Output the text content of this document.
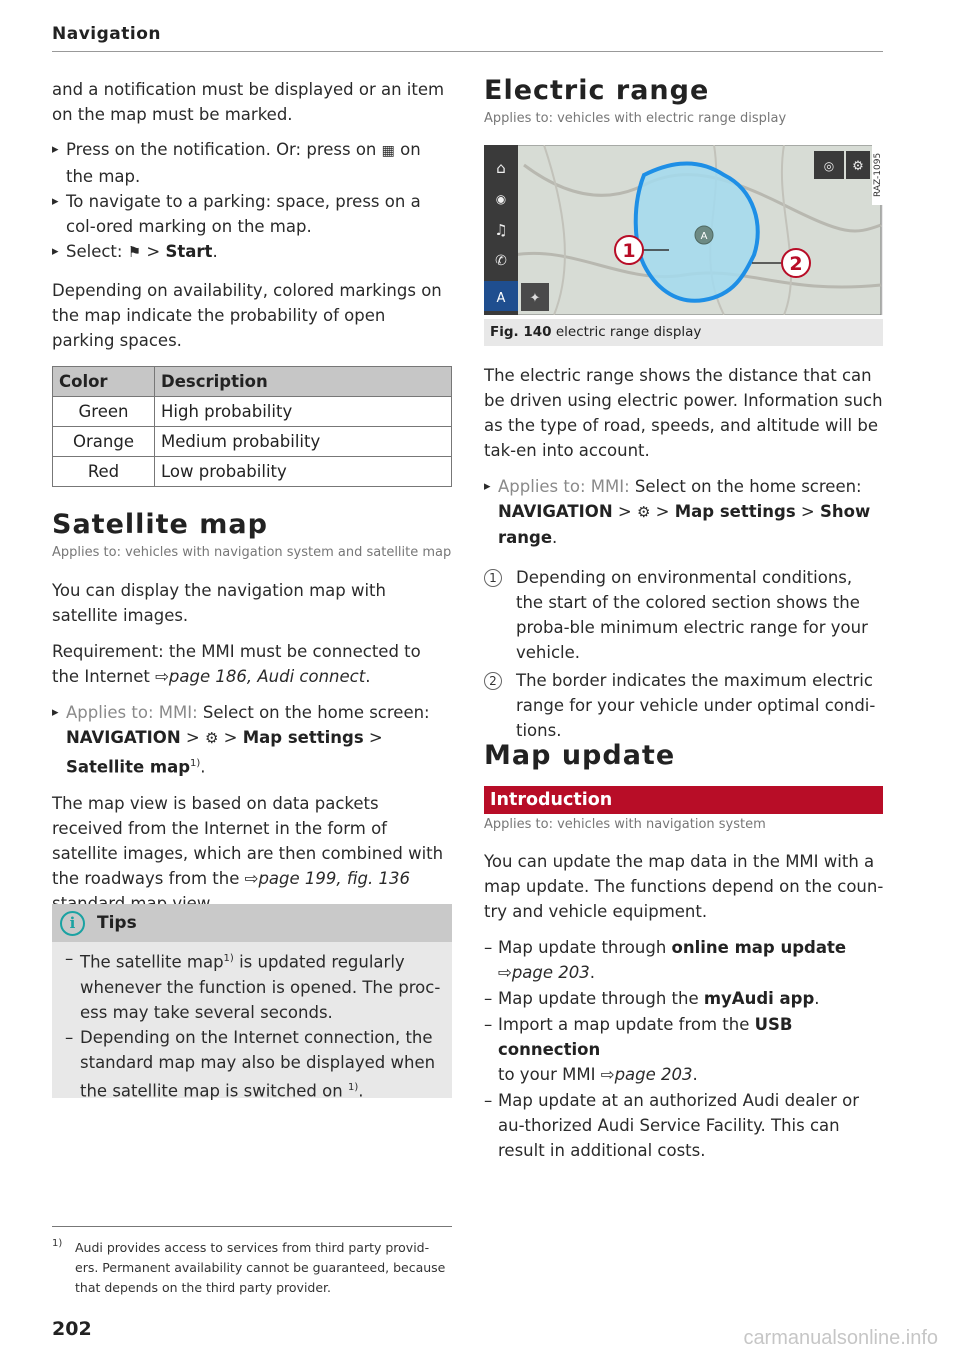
Navigation

and a notification must be displayed or an item on the map must be marked.

▸ Press on the notification. Or: press on ▦ on the map.
▸ To navigate to a parking: space, press on a col-ored marking on the map.
▸ Select: ⚑ > Start.

Depending on availability, colored markings on the map indicate the probability of open parking spaces.

Color	Description
Green	High probability
Orange	Medium probability
Red	Low probability
Satellite map
Applies to: vehicles with navigation system and satellite map

You can display the navigation map with satellite images.

Requirement: the MMI must be connected to the Internet ⇨page 186, Audi connect.
▸ Applies to: MMI: Select on the home screen:
NAVIGATION > ⚙ > Map settings > Satellite map$^{1)}$.
The map view is based on data packets received from the Internet in the form of satellite images, which are then combined with the roadways from the ⇨page 199, fig. 136
i	Tips
– The satellite map$^{1)}$ is updated regularly whenever the function is opened. The proc-ess may take several seconds.
– Depending on the Internet connection, the standard map may also be displayed when the satellite map is switched on $^{1)}$.
1)	Audi provides access to services from third party provid-ers. Permanent availability cannot be guaranteed, because that depends on the third party provider.
202
Electric range
Applies to: vehicles with electric range display
A
⌂
◉
♫
✆
A ✦
◎ ⚙
1
2
RAZ-1095
Fig. 140 electric range display

The electric range shows the distance that can be driven using electric power. Information such as the type of road, speeds, and altitude will be tak-en into account.

▸ Applies to: MMI: Select on the home screen:
NAVIGATION > ⚙ > Map settings > Show range.
1	Depending on environmental conditions, the start of the colored section shows the proba-ble minimum electric range for your vehicle.
2	The border indicates the maximum electric range for your vehicle under optimal condi-tions.
Map update
Introduction
Applies to: vehicles with navigation system

You can update the map data in the MMI with a map update. The functions depend on the coun-try and vehicle equipment.

– Map update through online map update
⇨page 203.
– Map update through the myAudi app.
– Import a map update from the USB connection
to your MMI ⇨page 203.
– Map update at an authorized Audi dealer or au-thorized Audi Service Facility. This can result in additional costs.
carmanualsonline.info
